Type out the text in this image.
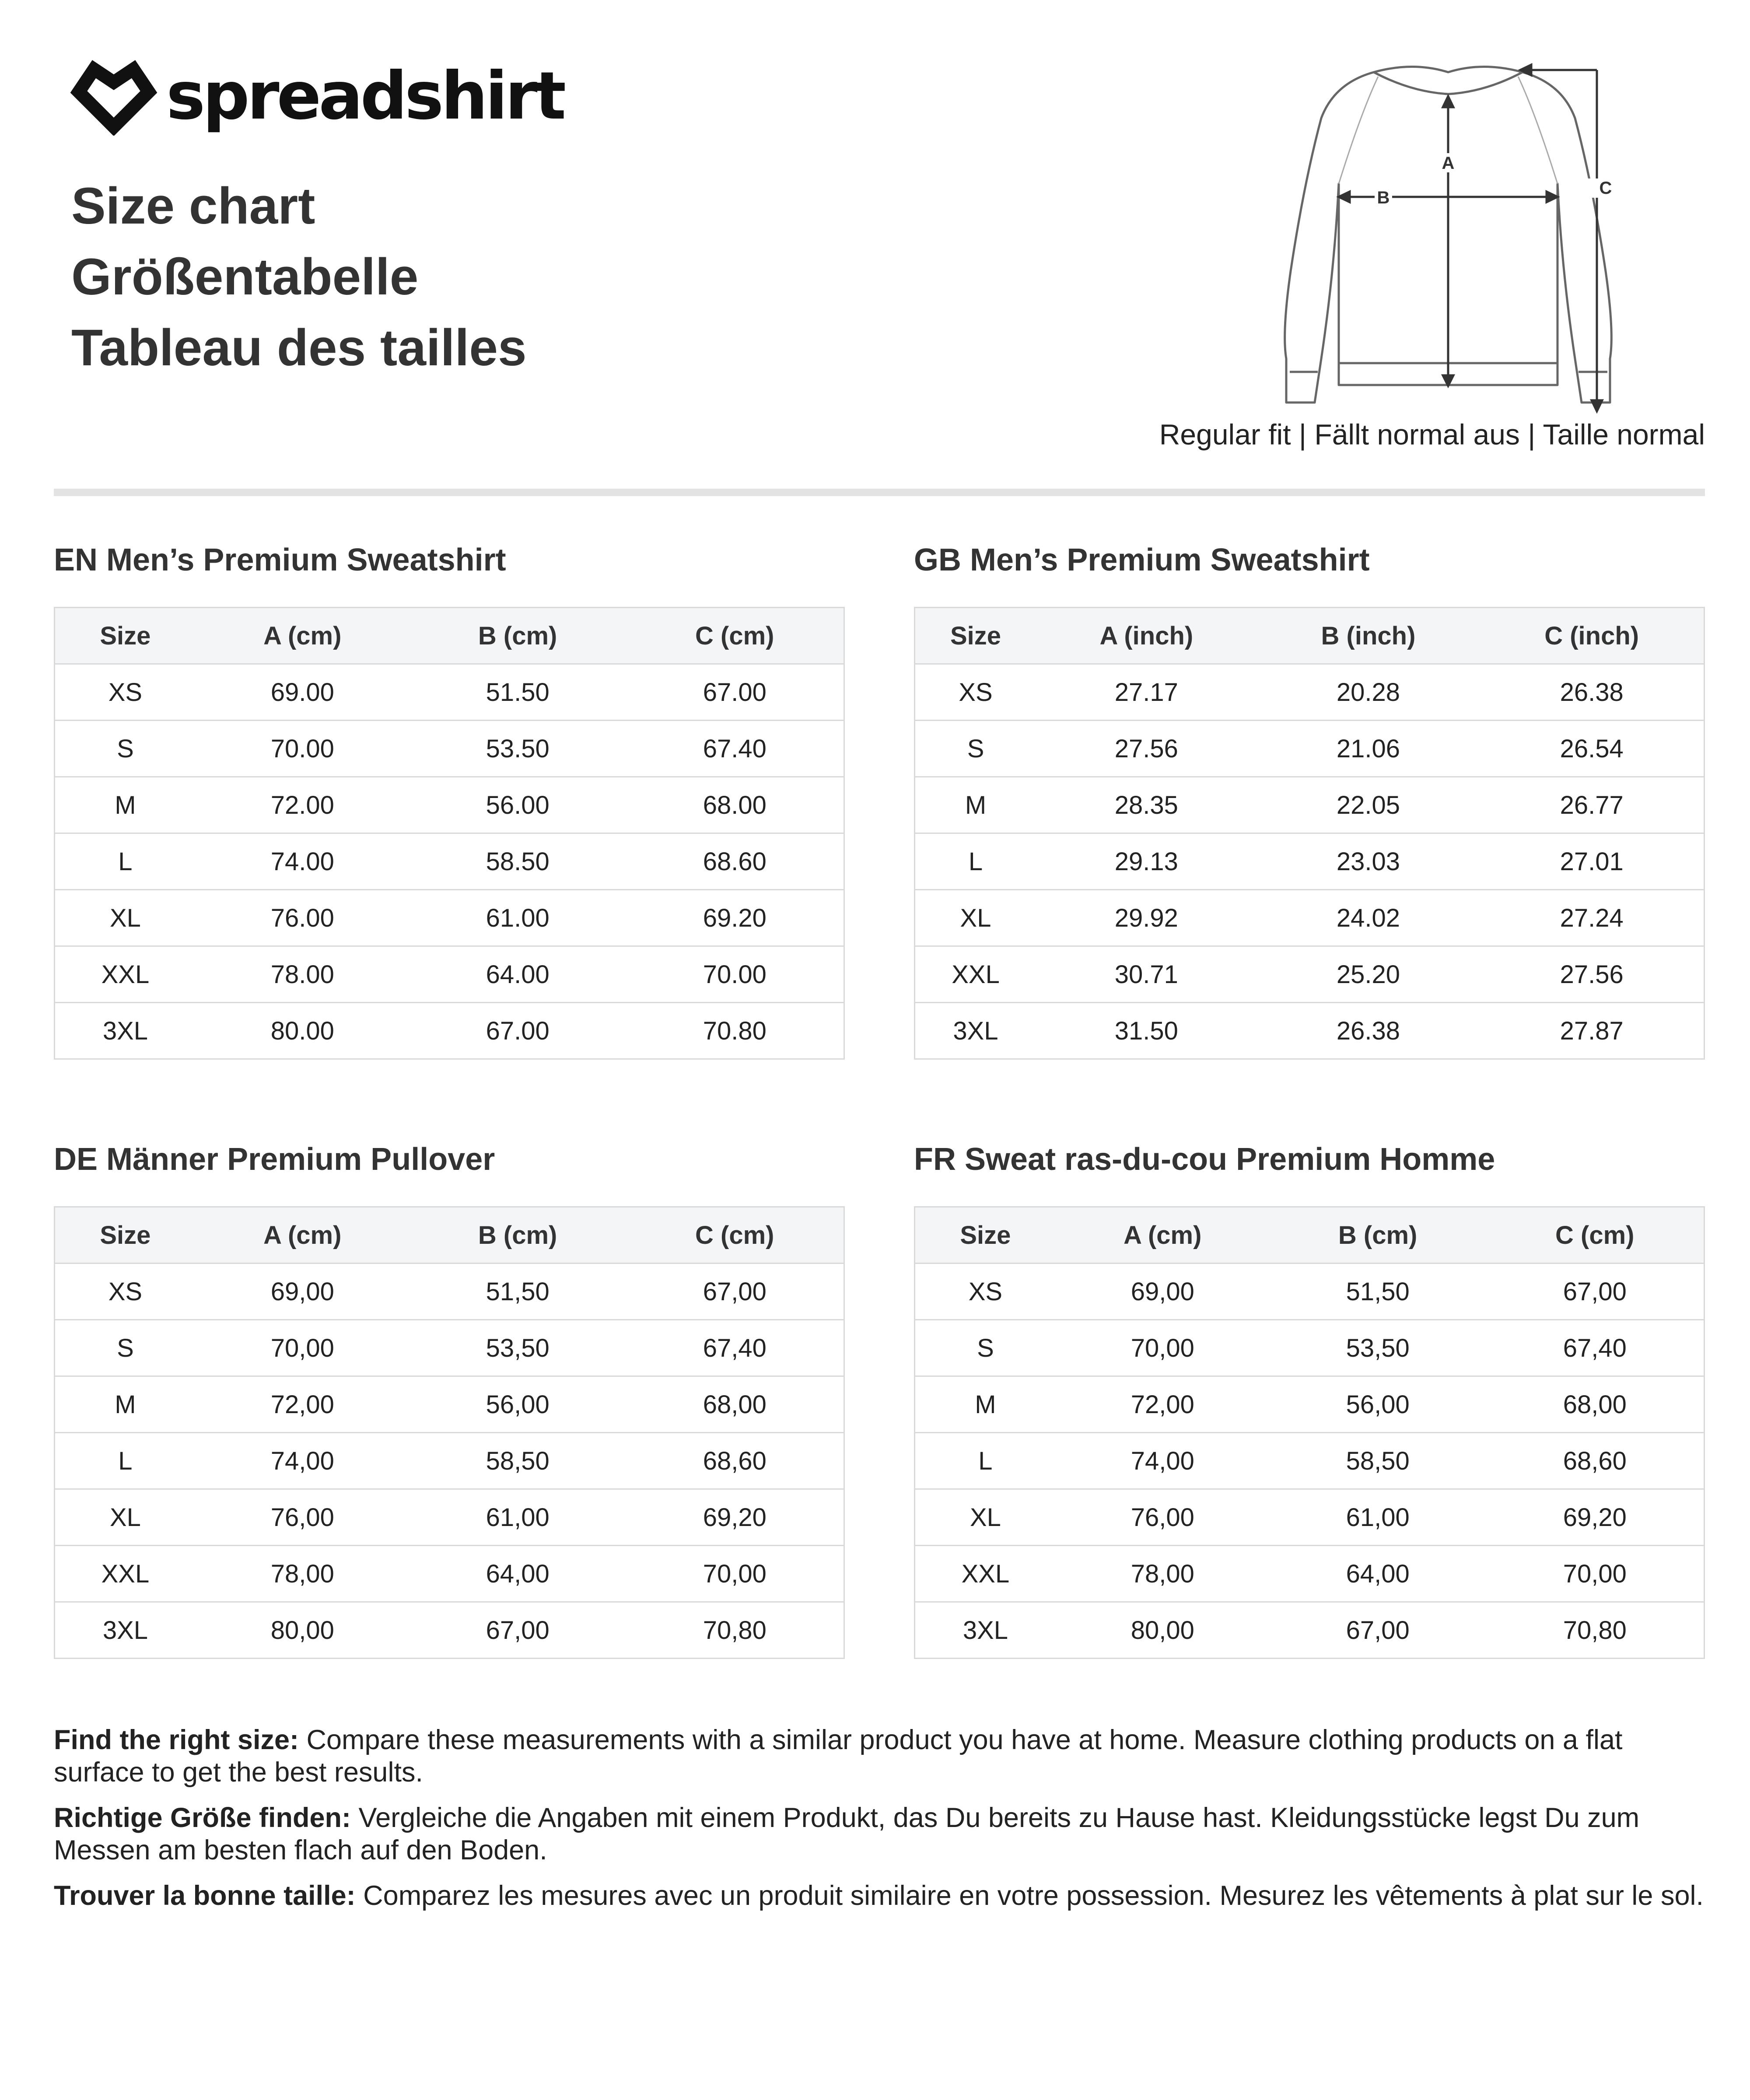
spreadshirt
Size chart
Größentabelle
Tableau des tailles
A
B	C
Regular fit | Fällt normal aus | Taille normal
EN Men’s Premium Sweatshirt
Size	A (cm)	B (cm)	C (cm)
XS	69.00	51.50	67.00
S	70.00	53.50	67.40
M	72.00	56.00	68.00
L	74.00	58.50	68.60
XL	76.00	61.00	69.20
XXL	78.00	64.00	70.00
3XL	80.00	67.00	70.80
GB Men’s Premium Sweatshirt
Size	A (inch)	B (inch)	C (inch)
XS	27.17	20.28	26.38
S	27.56	21.06	26.54
M	28.35	22.05	26.77
L	29.13	23.03	27.01
XL	29.92	24.02	27.24
XXL	30.71	25.20	27.56
3XL	31.50	26.38	27.87
DE Männer Premium Pullover
Size	A (cm)	B (cm)	C (cm)
XS	69,00	51,50	67,00
S	70,00	53,50	67,40
M	72,00	56,00	68,00
L	74,00	58,50	68,60
XL	76,00	61,00	69,20
XXL	78,00	64,00	70,00
3XL	80,00	67,00	70,80
FR Sweat ras-du-cou Premium Homme
Size	A (cm)	B (cm)	C (cm)
XS	69,00	51,50	67,00
S	70,00	53,50	67,40
M	72,00	56,00	68,00
L	74,00	58,50	68,60
XL	76,00	61,00	69,20
XXL	78,00	64,00	70,00
3XL	80,00	67,00	70,80

Find the right size: Compare these measurements with a similar product you have at home. Measure clothing products on a flat surface to get the best results.

Richtige Größe finden: Vergleiche die Angaben mit einem Produkt, das Du bereits zu Hause hast. Kleidungsstücke legst Du zum Messen am besten flach auf den Boden.

Trouver la bonne taille: Comparez les mesures avec un produit similaire en votre possession. Mesurez les vêtements à plat sur le sol.
